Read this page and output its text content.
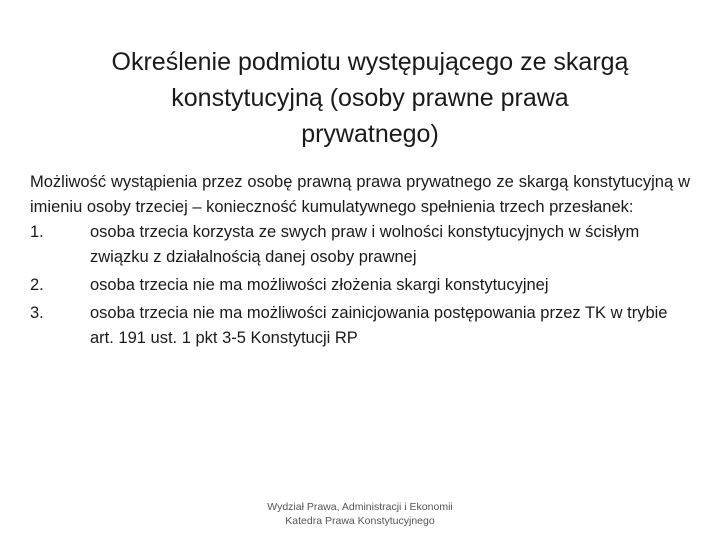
Określenie podmiotu występującego ze skargą
konstytucyjną (osoby prawne prawa
prywatnego)
Możliwość wystąpienia przez osobę prawną prawa prywatnego ze skargą konstytucyjną w imieniu osoby trzeciej – konieczność kumulatywnego spełnienia trzech przesłanek:
1.	osoba trzecia korzysta ze swych praw i wolności konstytucyjnych w ścisłym związku z działalnością danej osoby prawnej
2.	osoba trzecia nie ma możliwości złożenia skargi konstytucyjnej
3.	osoba trzecia nie ma możliwości zainicjowania postępowania przez TK w trybie art. 191 ust. 1 pkt 3-5 Konstytucji RP
Wydział Prawa, Administracji i Ekonomii
Katedra Prawa Konstytucyjnego
